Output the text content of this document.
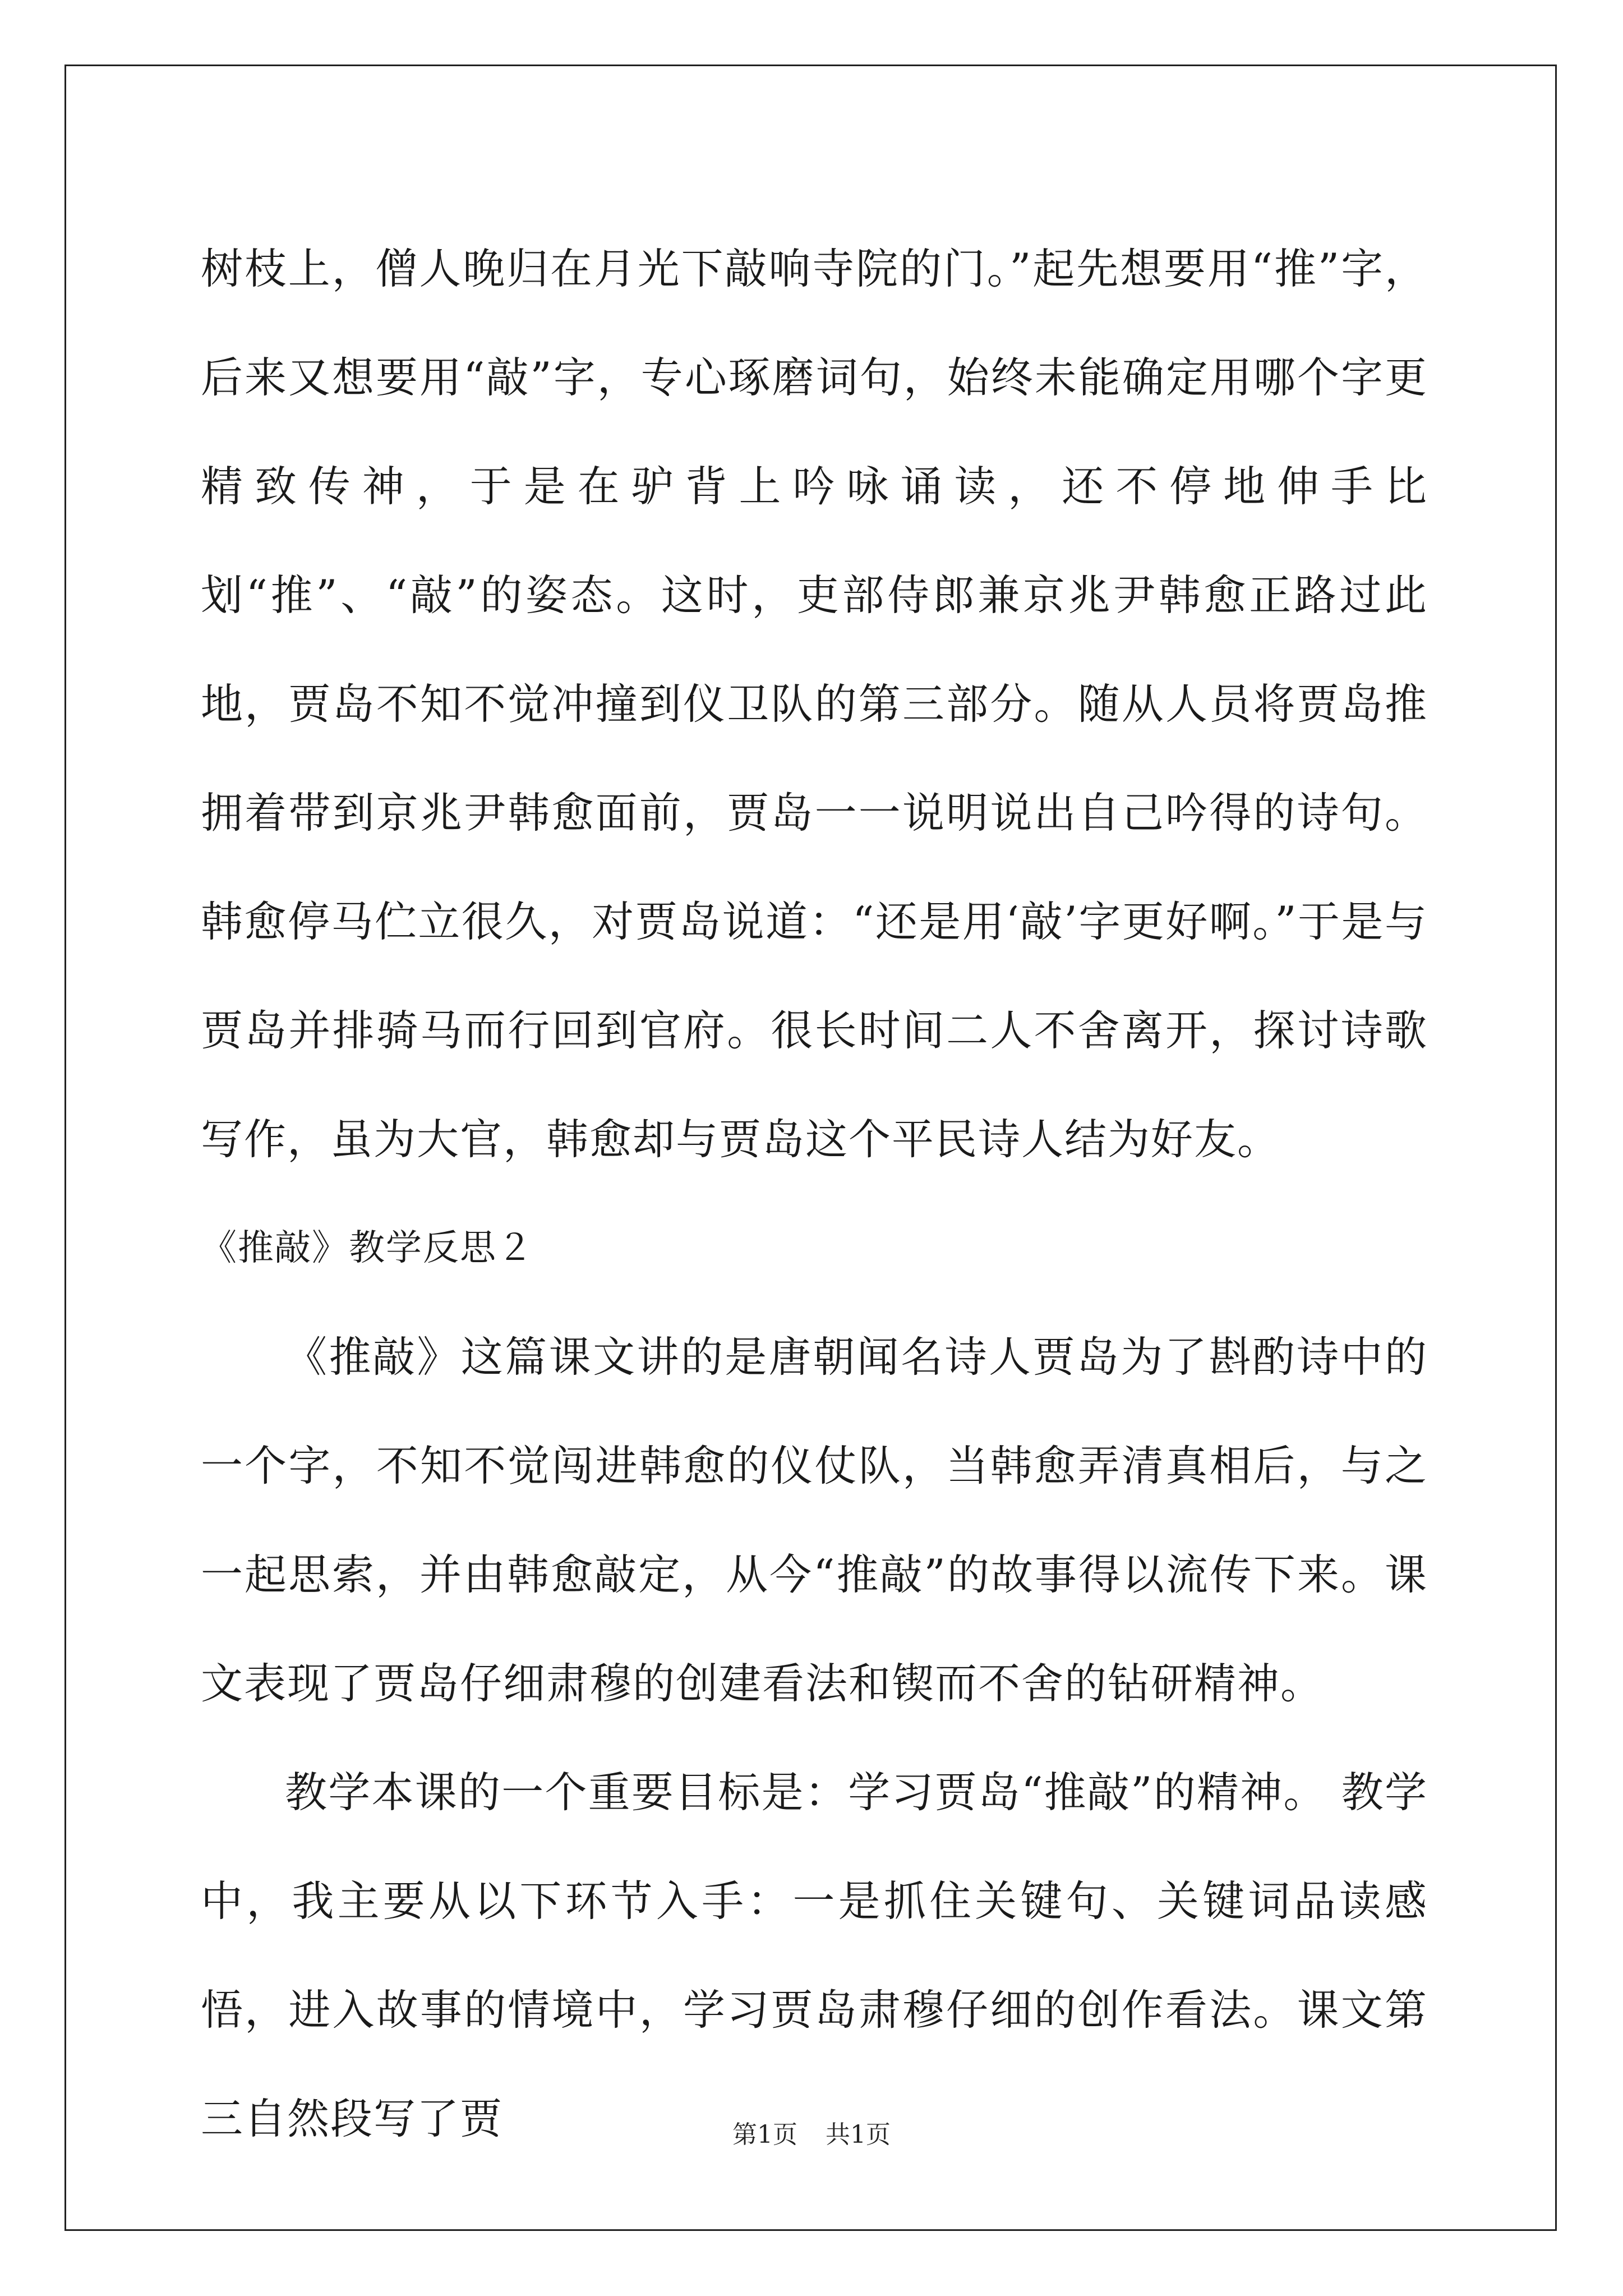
树枝上，僧人晚归在月光下敲响寺院的门。”起先想要用“推”字，后来又想要用“敲”字，专心琢磨词句，始终未能确定用哪个字更精致传神，于是在驴背上吟咏诵读，还不停地伸手比划“推”、“敲”的姿态。这时，吏部侍郎兼京兆尹韩愈正路过此地，贾岛不知不觉冲撞到仪卫队的第三部分。随从人员将贾岛推拥着带到京兆尹韩愈面前，贾岛一一说明说出自己吟得的诗句。韩愈停马伫立很久，对贾岛说道：“还是用‘敲’字更好啊。”于是与贾岛并排骑马而行回到官府。很长时间二人不舍离开，探讨诗歌写作，虽为大官，韩愈却与贾岛这个平民诗人结为好友。

《推敲》教学反思２

《推敲》这篇课文讲的是唐朝闻名诗人贾岛为了斟酌诗中的一个字，不知不觉闯进韩愈的仪仗队，当韩愈弄清真相后，与之一起思索，并由韩愈敲定，从今“推敲”的故事得以流传下来。课文表现了贾岛仔细肃穆的创建看法和锲而不舍的钻研精神。

教学本课的一个重要目标是：学习贾岛“推敲”的精神。 教学中，我主要从以下环节入手：一是抓住关键句、关键词品读感悟，进入故事的情境中，学习贾岛肃穆仔细的创作看法。课文第三自然段写了贾	第1页 共1页
